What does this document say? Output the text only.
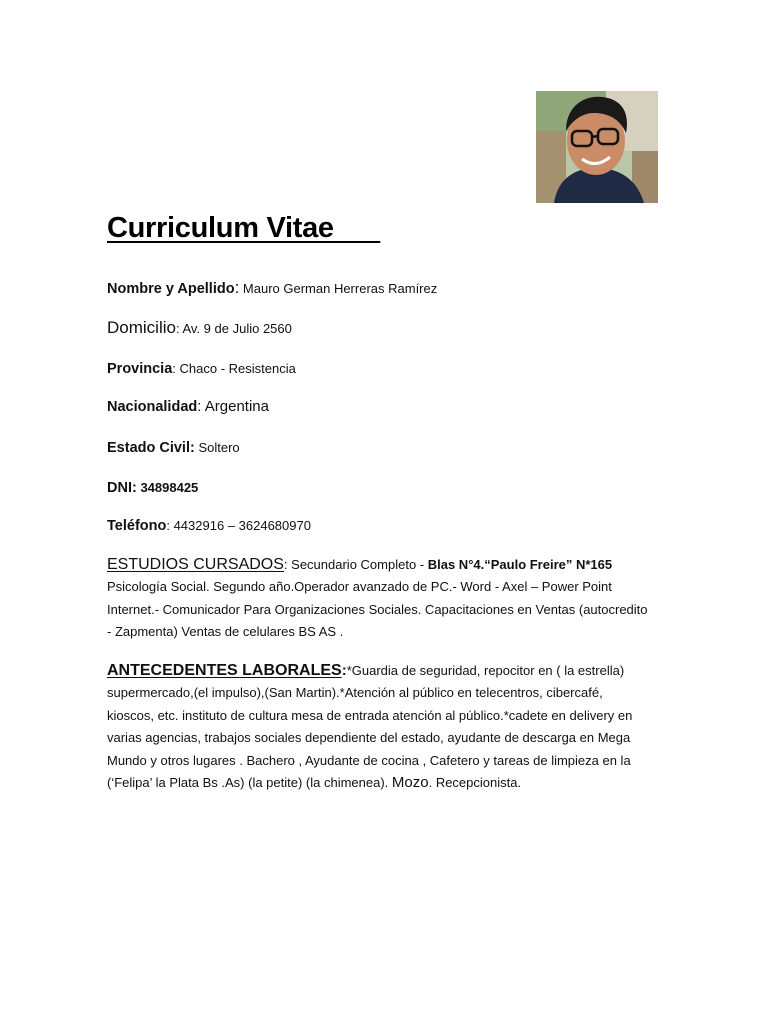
Curriculum Vitae
Nombre y Apellido: Mauro German Herreras Ramírez
Domicilio: Av. 9 de Julio 2560
Provincia: Chaco - Resistencia
Nacionalidad: Argentina
Estado Civil: Soltero
DNI: 34898425
Teléfono: 4432916 – 3624680970

ESTUDIOS CURSADOS: Secundario Completo - Blas N°4.“Paulo Freire” N*165 Psicología Social. Segundo año.Operador avanzado de PC.- Word - Axel – Power Point Internet.- Comunicador Para Organizaciones Sociales. Capacitaciones en Ventas (autocredito - Zapmenta) Ventas de celulares BS AS .

ANTECEDENTES LABORALES:*Guardia de seguridad, repocitor en ( la estrella) supermercado,(el impulso),(San Martin).*Atención al público en telecentros, cibercafé, kioscos, etc. instituto de cultura mesa de entrada atención al público.*cadete en delivery en varias agencias, trabajos sociales dependiente del estado, ayudante de descarga en Mega Mundo y otros lugares . Bachero , Ayudante de cocina , Cafetero y tareas de limpieza en la (‘Felipa’ la Plata Bs .As) (la petite) (la chimenea). Mozo. Recepcionista.
